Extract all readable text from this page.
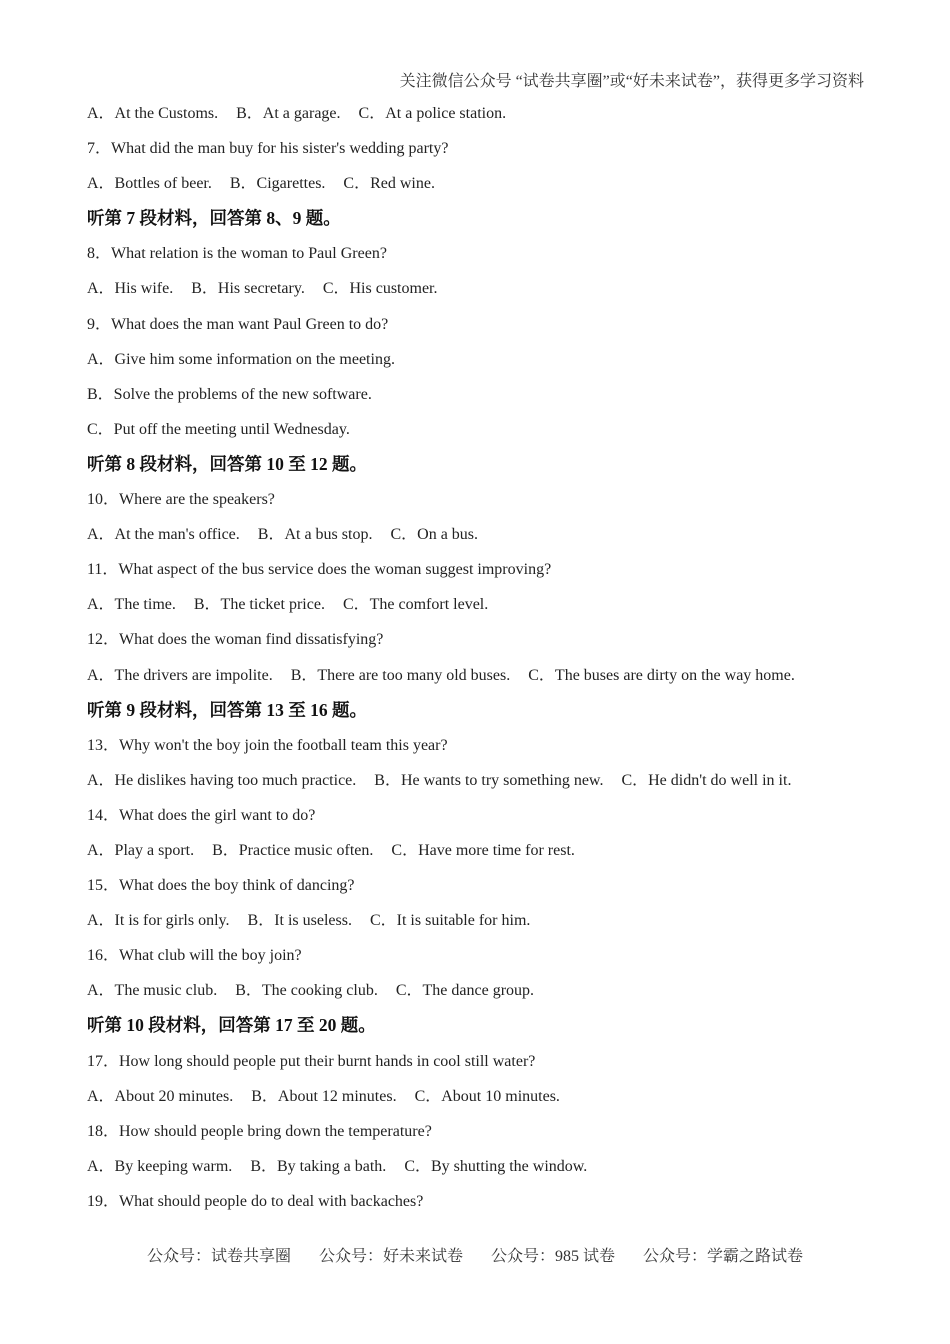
关注微信公众号 “试卷共享圈”或“好未来试卷”，获得更多学习资料
A．At the Customs. B．At a garage. C．At a police station.
7．What did the man buy for his sister's wedding party?
A．Bottles of beer. B．Cigarettes. C．Red wine.
听第 7 段材料，回答第 8、9 题。
8．What relation is the woman to Paul Green?
A．His wife. B．His secretary. C．His customer.
9．What does the man want Paul Green to do?
A．Give him some information on the meeting.
B．Solve the problems of the new software.
C．Put off the meeting until Wednesday.
听第 8 段材料，回答第 10 至 12 题。
10．Where are the speakers?
A．At the man's office. B．At a bus stop. C．On a bus.
11．What aspect of the bus service does the woman suggest improving?
A．The time. B．The ticket price. C．The comfort level.
12．What does the woman find dissatisfying?
A．The drivers are impolite. B．There are too many old buses. C．The buses are dirty on the way home.
听第 9 段材料，回答第 13 至 16 题。
13．Why won't the boy join the football team this year?
A．He dislikes having too much practice. B．He wants to try something new. C．He didn't do well in it.
14．What does the girl want to do?
A．Play a sport. B．Practice music often. C．Have more time for rest.
15．What does the boy think of dancing?
A．It is for girls only. B．It is useless. C．It is suitable for him.
16．What club will the boy join?
A．The music club. B．The cooking club. C．The dance group.
听第 10 段材料，回答第 17 至 20 题。
17．How long should people put their burnt hands in cool still water?
A．About 20 minutes. B．About 12 minutes. C．About 10 minutes.
18．How should people bring down the temperature?
A．By keeping warm. B．By taking a bath. C．By shutting the window.
19．What should people do to deal with backaches?
公众号：试卷共享圈 公众号：好未来试卷 公众号：985 试卷 公众号：学霸之路试卷
